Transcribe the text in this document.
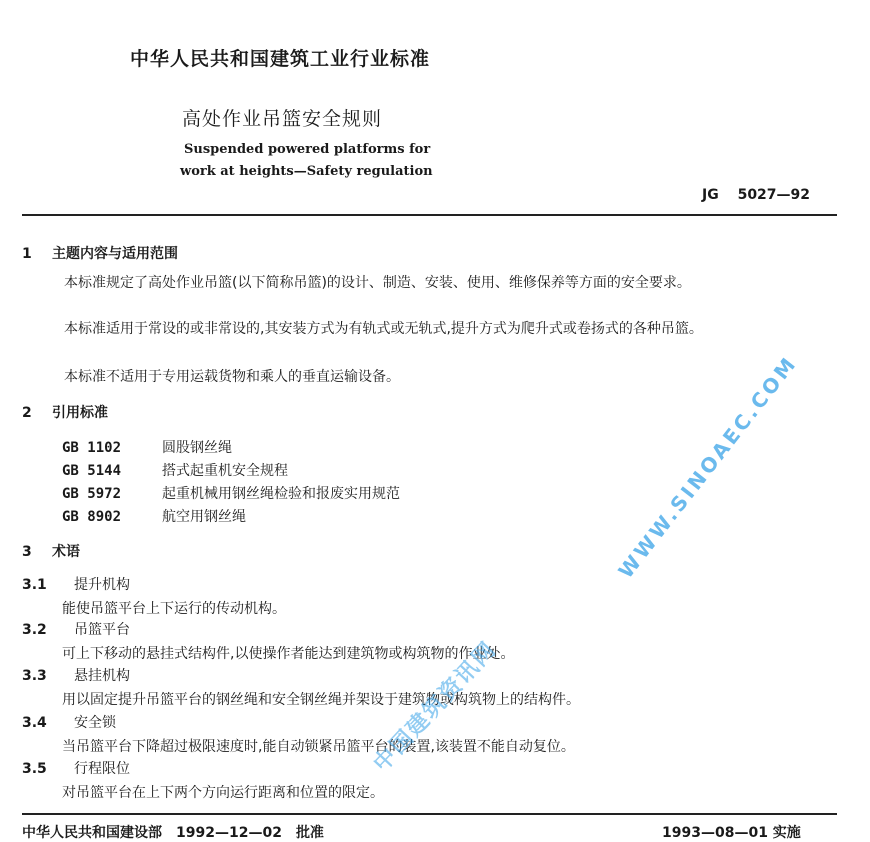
中华人民共和国建筑工业行业标准
高处作业吊篮安全规则
Suspended powered platforms for
work at heights—Safety regulation
JG 5027—92
1 主题内容与适用范围
本标准规定了高处作业吊篮(以下简称吊篮)的设计、制造、安装、使用、维修保养等方面的安全要求。
本标准适用于常设的或非常设的,其安装方式为有轨式或无轨式,提升方式为爬升式或卷扬式的各种吊篮。
本标准不适用于专用运载货物和乘人的垂直运输设备。
2 引用标准
GB 1102	圆股钢丝绳
GB 5144	搭式起重机安全规程
GB 5972	起重机械用钢丝绳检验和报废实用规范
GB 8902	航空用钢丝绳
3 术语
3.1 提升机构
能使吊篮平台上下运行的传动机构。
3.2 吊篮平台
可上下移动的悬挂式结构件,以使操作者能达到建筑物或构筑物的作业处。
3.3 悬挂机构
用以固定提升吊篮平台的钢丝绳和安全钢丝绳并架设于建筑物或构筑物上的结构件。
3.4 安全锁
当吊篮平台下降超过极限速度时,能自动锁紧吊篮平台的装置,该装置不能自动复位。
3.5 行程限位
对吊篮平台在上下两个方向运行距离和位置的限定。
中华人民共和国建设部 1992—12—02 批准	1993—08—01 实施
WWW.SINOAEC.COM
中国建筑资讯网
